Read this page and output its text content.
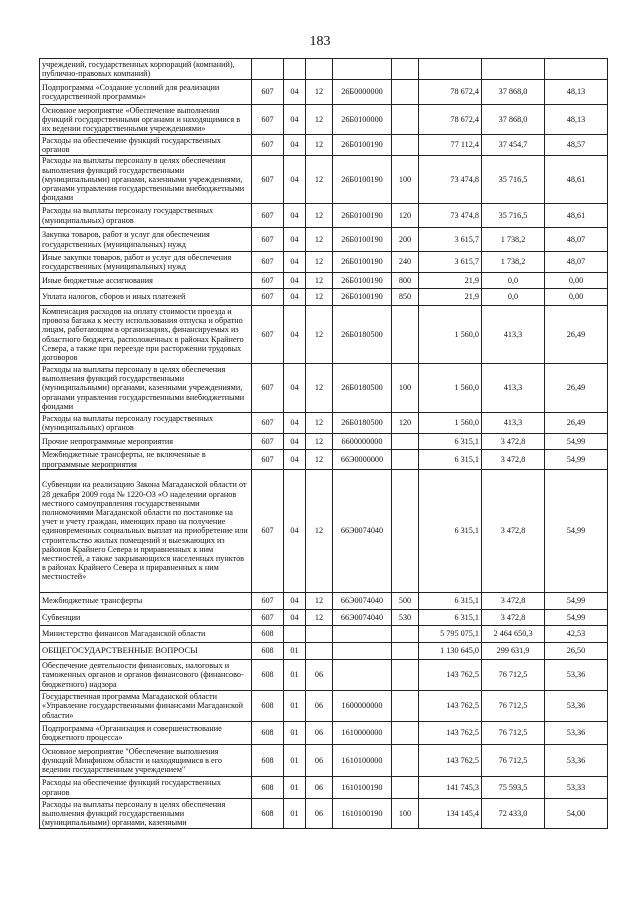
183
учреждений, государственных корпораций (компаний), публично-правовых компаний)								
Подпрограмма «Создание условий для реализации государственной программы»	607	04	12	26Б0000000		78 672,4	37 868,0	48,13
Основное мероприятие «Обеспечение выполнения функций государственными органами и находящимися в их ведении государственными учреждениями»	607	04	12	26Б0100000		78 672,4	37 868,0	48,13
Расходы на обеспечение функций государственных органов	607	04	12	26Б0100190		77 112,4	37 454,7	48,57
Расходы на выплаты персоналу в целях обеспечения выполнения функций государственными (муниципальными) органами, казенными учреждениями, органами управления государственными внебюджетными фондами	607	04	12	26Б0100190	100	73 474,8	35 716,5	48,61
Расходы на выплаты персоналу государственных (муниципальных) органов	607	04	12	26Б0100190	120	73 474,8	35 716,5	48,61
Закупка товаров, работ и услуг для обеспечения государственных (муниципальных) нужд	607	04	12	26Б0100190	200	3 615,7	1 738,2	48,07
Иные закупки товаров, работ и услуг для обеспечения государственных (муниципальных) нужд	607	04	12	26Б0100190	240	3 615,7	1 738,2	48,07
Иные бюджетные ассигнования	607	04	12	26Б0100190	800	21,9	0,0	0,00
Уплата налогов, сборов и иных платежей	607	04	12	26Б0100190	850	21,9	0,0	0,00
Компенсация расходов на оплату стоимости проезда и провоза багажа к месту использования отпуска и обратно лицам, работающим в организациях, финансируемых из областного бюджета, расположенных в районах Крайнего Севера, а также при переезде при расторжении трудовых договоров	607	04	12	26Б0180500		1 560,0	413,3	26,49
Расходы на выплаты персоналу в целях обеспечения выполнения функций государственными (муниципальными) органами, казенными учреждениями, органами управления государственными внебюджетными фондами	607	04	12	26Б0180500	100	1 560,0	413,3	26,49
Расходы на выплаты персоналу государственных (муниципальных) органов	607	04	12	26Б0180500	120	1 560,0	413,3	26,49
Прочие непрограммные мероприятия	607	04	12	6600000000		6 315,1	3 472,8	54,99
Межбюджетные трансферты, не включенные в программные мероприятия	607	04	12	66Э0000000		6 315,1	3 472,8	54,99
Субвенции на реализацию Закона Магаданской области от 28 декабря 2009 года № 1220-ОЗ «О наделении органов местного самоуправления государственными полномочиями Магаданской области по постановке на учет и учету граждан, имеющих право на получение единовременных социальных выплат на приобретение или строительство жилых помещений и выезжающих из районов Крайнего Севера и приравненных к ним местностей, а также закрывающихся населенных пунктов в районах Крайнего Севера и приравненных к ним местностей»	607	04	12	66Э0074040		6 315,1	3 472,8	54,99
Межбюджетные трансферты	607	04	12	66Э0074040	500	6 315,1	3 472,8	54,99
Субвенции	607	04	12	66Э0074040	530	6 315,1	3 472,8	54,99
Министерство финансов Магаданской области	608					5 795 075,1	2 464 650,3	42,53
ОБЩЕГОСУДАРСТВЕННЫЕ ВОПРОСЫ	608	01				1 130 645,0	299 631,9	26,50
Обеспечение деятельности финансовых, налоговых и таможенных органов и органов финансового (финансово-бюджетного) надзора	608	01	06			143 762,5	76 712,5	53,36
Государственная программа Магаданской области «Управление государственными финансами Магаданской области»	608	01	06	1600000000		143 762,5	76 712,5	53,36
Подпрограмма «Организация и совершенствование бюджетного процесса»	608	01	06	1610000000		143 762,5	76 712,5	53,36
Основное мероприятие "Обеспечение выполнения функций Минфином области и находящимися в его ведении государственным учреждением"	608	01	06	1610100000		143 762,5	76 712,5	53,36
Расходы на обеспечение функций государственных органов	608	01	06	1610100190		141 745,3	75 593,5	53,33
Расходы на выплаты персоналу в целях обеспечения выполнения функций государственными (муниципальными) органами, казенными	608	01	06	1610100190	100	134 145,4	72 433,0	54,00
